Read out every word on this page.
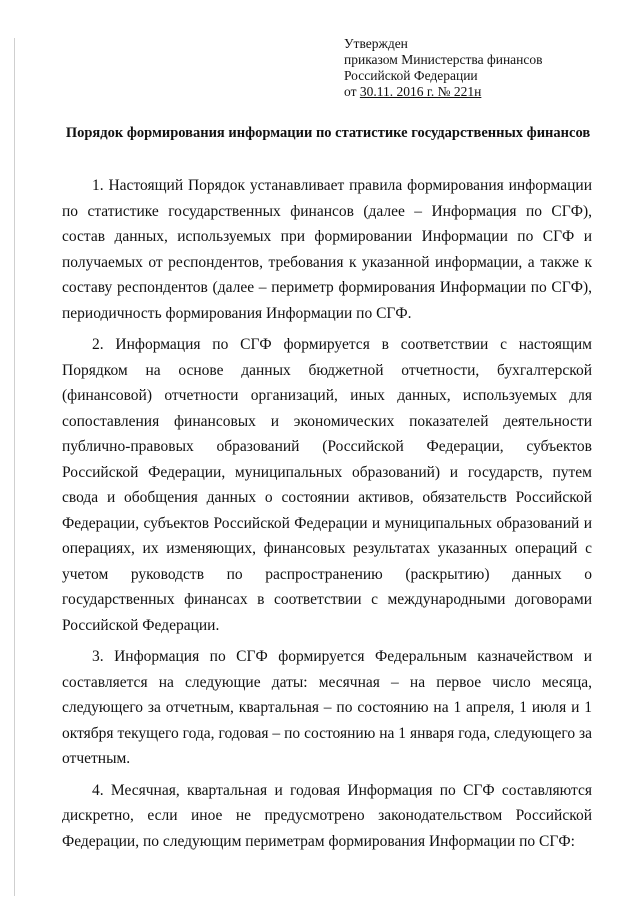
Утвержден
приказом Министерства финансов
Российской Федерации
от 30.11. 2016 г. № 221н
Порядок формирования информации по статистике государственных финансов

1. Настоящий Порядок устанавливает правила формирования информации по статистике государственных финансов (далее – Информация по СГФ), состав данных, используемых при формировании Информации по СГФ и получаемых от респондентов, требования к указанной информации, а также к составу респондентов (далее – периметр формирования Информации по СГФ), периодичность формирования Информации по СГФ.

2. Информация по СГФ формируется в соответствии с настоящим Порядком на основе данных бюджетной отчетности, бухгалтерской (финансовой) отчетности организаций, иных данных, используемых для сопоставления финансовых и экономических показателей деятельности публично-правовых образований (Российской Федерации, субъектов Российской Федерации, муниципальных образований) и государств, путем свода и обобщения данных о состоянии активов, обязательств Российской Федерации, субъектов Российской Федерации и муниципальных образований и операциях, их изменяющих, финансовых результатах указанных операций с учетом руководств по распространению (раскрытию) данных о государственных финансах в соответствии с международными договорами Российской Федерации.

3. Информация по СГФ формируется Федеральным казначейством и составляется на следующие даты: месячная – на первое число месяца, следующего за отчетным, квартальная – по состоянию на 1 апреля, 1 июля и 1 октября текущего года, годовая – по состоянию на 1 января года, следующего за отчетным.

4. Месячная, квартальная и годовая Информация по СГФ составляются дискретно, если иное не предусмотрено законодательством Российской Федерации, по следующим периметрам формирования Информации по СГФ:
